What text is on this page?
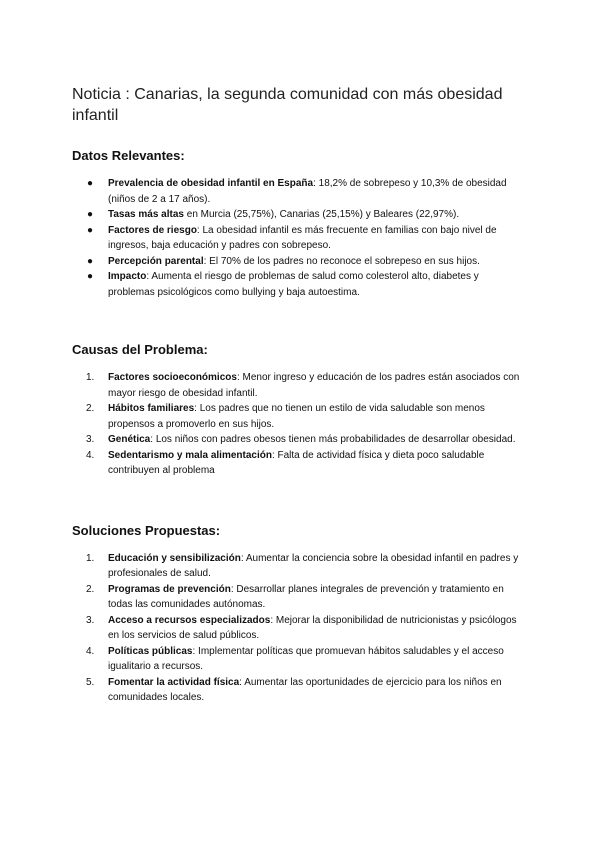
Noticia : Canarias, la segunda comunidad con más obesidad infantil
Datos Relevantes:
● Prevalencia de obesidad infantil en España: 18,2% de sobrepeso y 10,3% de obesidad (niños de 2 a 17 años).
● Tasas más altas en Murcia (25,75%), Canarias (25,15%) y Baleares (22,97%).
● Factores de riesgo: La obesidad infantil es más frecuente en familias con bajo nivel de ingresos, baja educación y padres con sobrepeso.
● Percepción parental: El 70% de los padres no reconoce el sobrepeso en sus hijos.
● Impacto: Aumenta el riesgo de problemas de salud como colesterol alto, diabetes y problemas psicológicos como bullying y baja autoestima.
Causas del Problema:
1. Factores socioeconómicos: Menor ingreso y educación de los padres están asociados con mayor riesgo de obesidad infantil.
2. Hábitos familiares: Los padres que no tienen un estilo de vida saludable son menos propensos a promoverlo en sus hijos.
3. Genética: Los niños con padres obesos tienen más probabilidades de desarrollar obesidad.
4. Sedentarismo y mala alimentación: Falta de actividad física y dieta poco saludable contribuyen al problema
Soluciones Propuestas:
1. Educación y sensibilización: Aumentar la conciencia sobre la obesidad infantil en padres y profesionales de salud.
2. Programas de prevención: Desarrollar planes integrales de prevención y tratamiento en todas las comunidades autónomas.
3. Acceso a recursos especializados: Mejorar la disponibilidad de nutricionistas y psicólogos en los servicios de salud públicos.
4. Políticas públicas: Implementar políticas que promuevan hábitos saludables y el acceso igualitario a recursos.
5. Fomentar la actividad física: Aumentar las oportunidades de ejercicio para los niños en comunidades locales.
